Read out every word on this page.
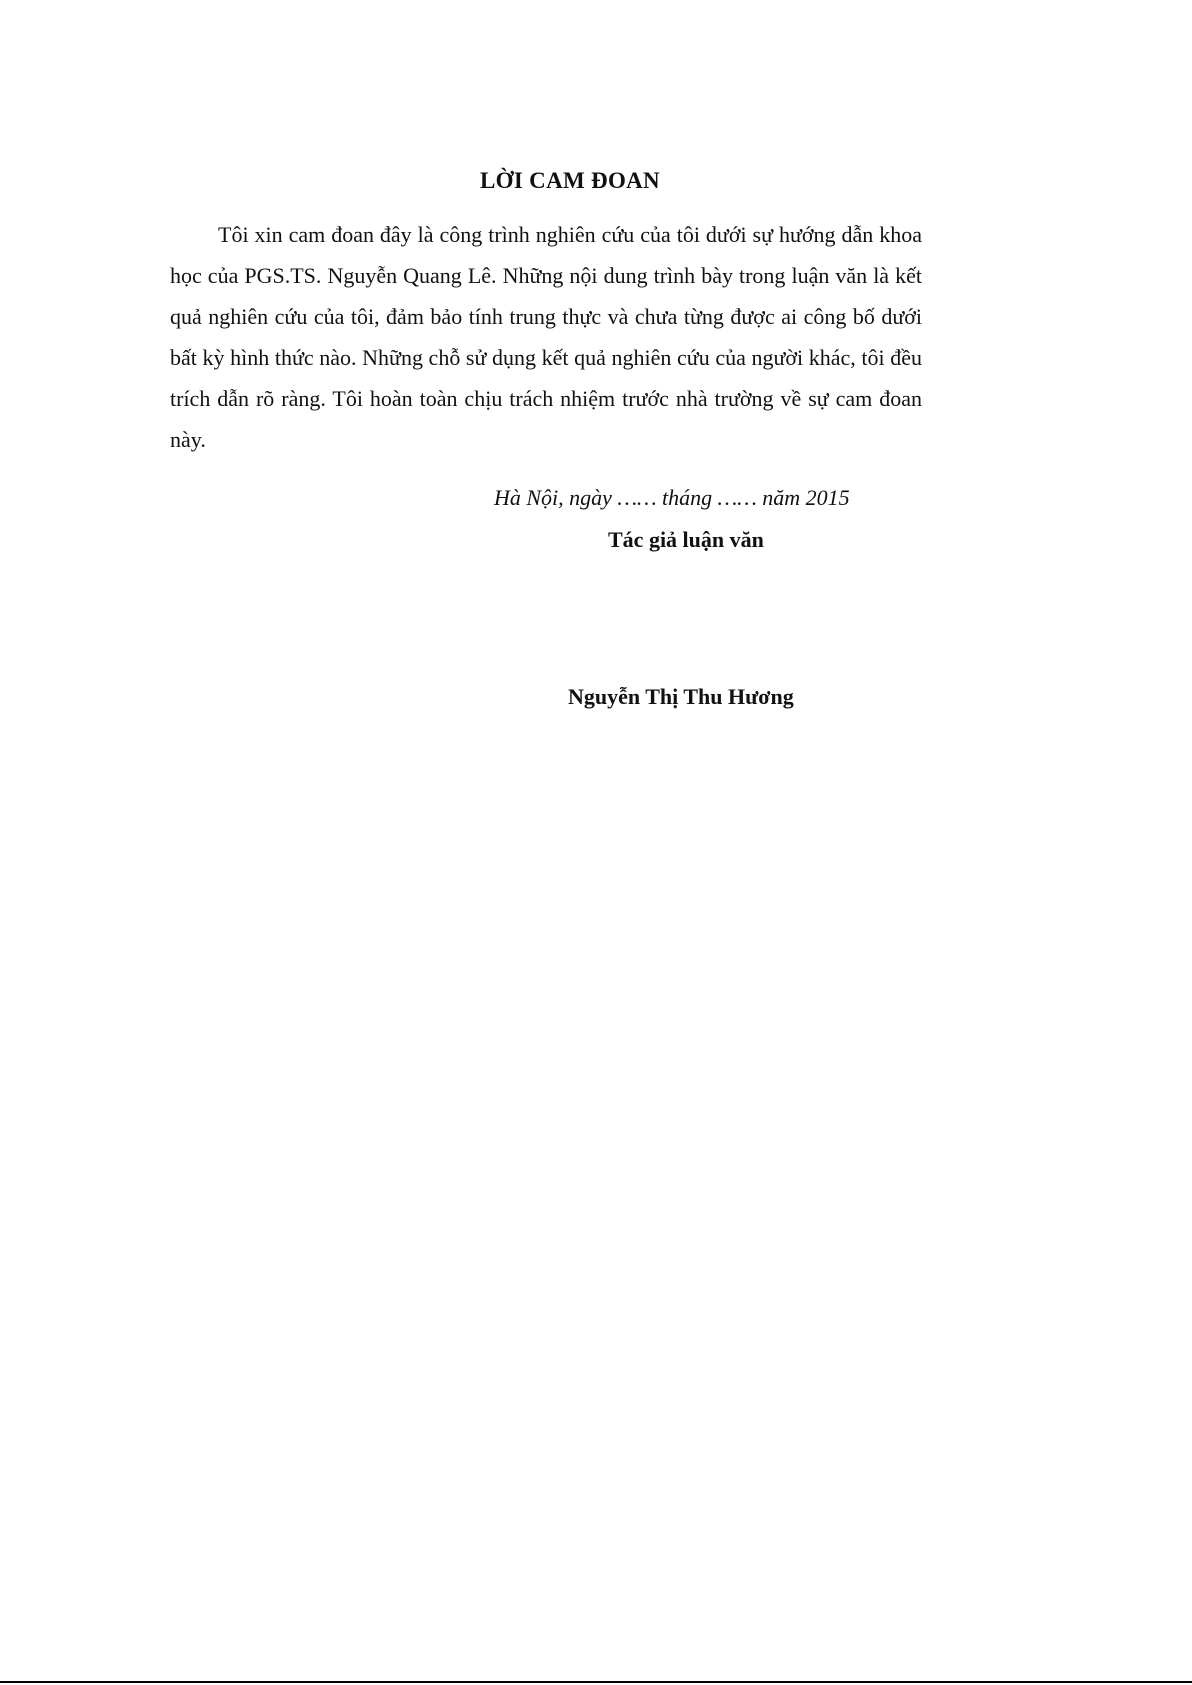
LỜI CAM ĐOAN

Tôi xin cam đoan đây là công trình nghiên cứu của tôi dưới sự hướng dẫn khoa học của PGS.TS. Nguyễn Quang Lê. Những nội dung trình bày trong luận văn là kết quả nghiên cứu của tôi, đảm bảo tính trung thực và chưa từng được ai công bố dưới bất kỳ hình thức nào. Những chỗ sử dụng kết quả nghiên cứu của người khác, tôi đều trích dẫn rõ ràng. Tôi hoàn toàn chịu trách nhiệm trước nhà trường về sự cam đoan này.

Hà Nội, ngày …… tháng …… năm 2015
Tác giả luận văn
Nguyễn Thị Thu Hương
